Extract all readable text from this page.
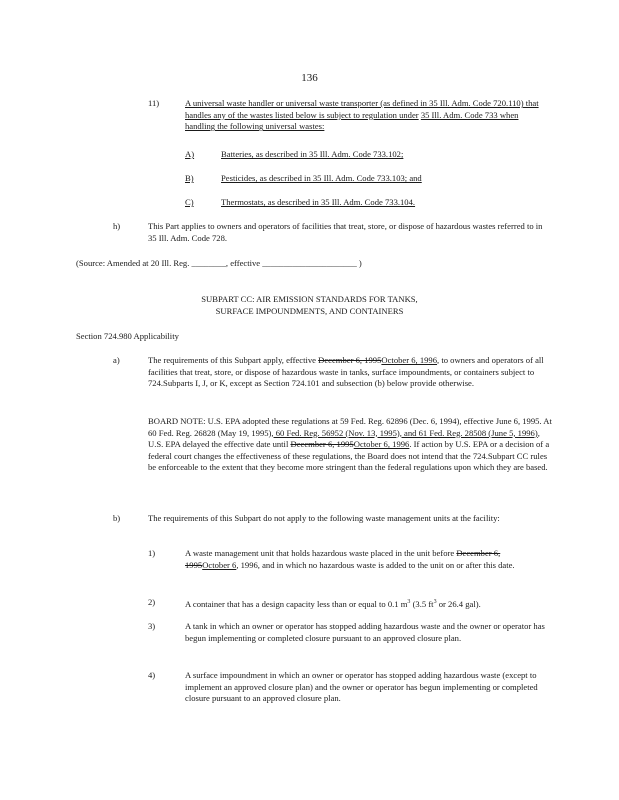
136
11)	A universal waste handler or universal waste transporter (as defined in 35 Ill. Adm. Code 720.110) that handles any of the wastes listed below is subject to regulation under 35 Ill. Adm. Code 733 when handling the following universal wastes:

A)	Batteries, as described in 35 Ill. Adm. Code 733.102;
B)	Pesticides, as described in 35 Ill. Adm. Code 733.103; and
C)	Thermostats, as described in 35 Ill. Adm. Code 733.104.
h)	This Part applies to owners and operators of facilities that treat, store, or dispose of hazardous wastes referred to in 35 Ill. Adm. Code 728.
(Source: Amended at 20 Ill. Reg. ________, effective ______________________ )
SUBPART CC: AIR EMISSION STANDARDS FOR TANKS,
SURFACE IMPOUNDMENTS, AND CONTAINERS
Section 724.980 Applicability
a)	The requirements of this Subpart apply, effective December 6, 1995October 6, 1996, to owners and operators of all facilities that treat, store, or dispose of hazardous waste in tanks, surface impoundments, or containers subject to 724.Subparts I, J, or K, except as Section 724.101 and subsection (b) below provide otherwise.
BOARD NOTE: U.S. EPA adopted these regulations at 59 Fed. Reg. 62896 (Dec. 6, 1994), effective June 6, 1995. At 60 Fed. Reg. 26828 (May 19, 1995), 60 Fed. Reg. 56952 (Nov. 13, 1995), and 61 Fed. Reg. 28508 (June 5, 1996), U.S. EPA delayed the effective date until December 6, 1995October 6, 1996. If action by U.S. EPA or a decision of a federal court changes the effectiveness of these regulations, the Board does not intend that the 724.Subpart CC rules be enforceable to the extent that they become more stringent than the federal regulations upon which they are based.
b)	The requirements of this Subpart do not apply to the following waste management units at the facility:
1)	A waste management unit that holds hazardous waste placed in the unit before December 6, 1995October 6, 1996, and in which no hazardous waste is added to the unit on or after this date.
2)	A container that has a design capacity less than or equal to 0.1 $m^3$ (3.5 $ft^3$ or 26.4 gal).
3)	A tank in which an owner or operator has stopped adding hazardous waste and the owner or operator has begun implementing or completed closure pursuant to an approved closure plan.
4)	A surface impoundment in which an owner or operator has stopped adding hazardous waste (except to implement an approved closure plan) and the owner or operator has begun implementing or completed closure pursuant to an approved closure plan.
